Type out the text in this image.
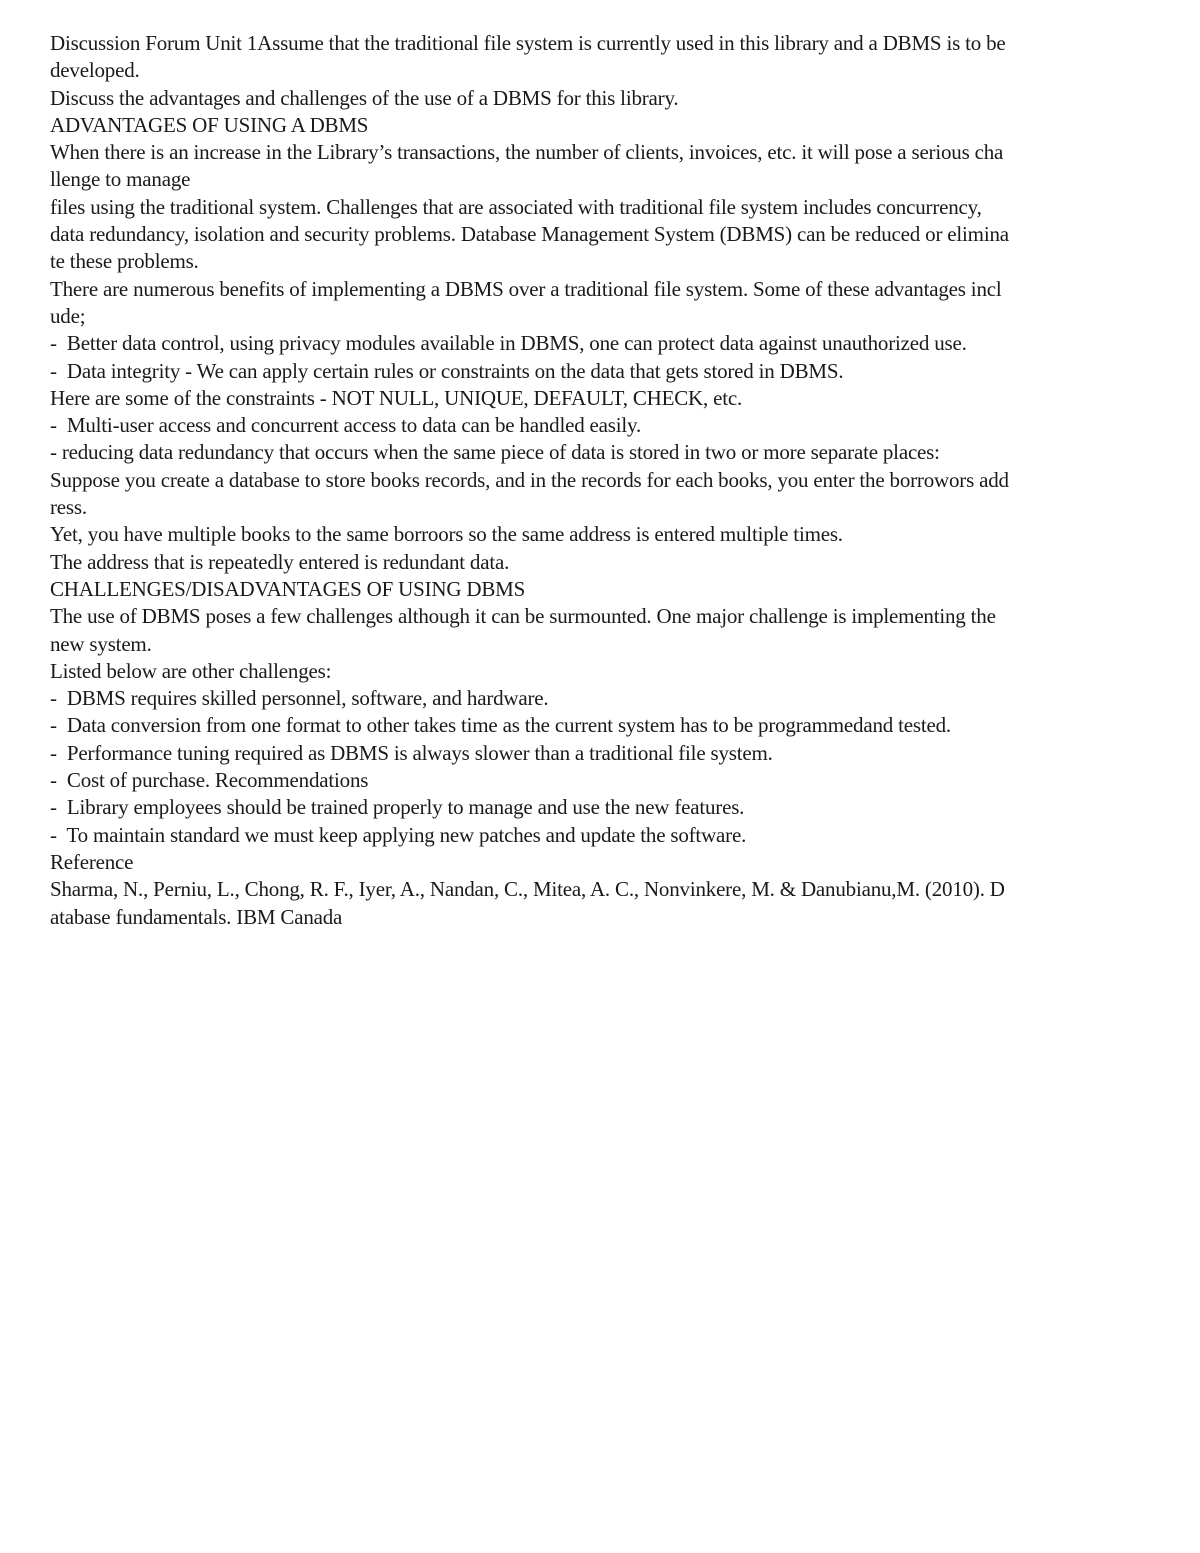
Discussion Forum Unit 1Assume that the traditional file system is currently used in this library and a DBMS is to be
developed.
Discuss the advantages and challenges of the use of a DBMS for this library.
ADVANTAGES OF USING A DBMS
When there is an increase in the Library’s transactions, the number of clients, invoices, etc. it will pose a serious cha
llenge to manage
files using the traditional system. Challenges that are associated with traditional file system includes concurrency,
data redundancy, isolation and security problems. Database Management System (DBMS) can be reduced or elimina
te these problems.
There are numerous benefits of implementing a DBMS over a traditional file system. Some of these advantages incl
ude;
-  Better data control, using privacy modules available in DBMS, one can protect data against unauthorized use.
-  Data integrity - We can apply certain rules or constraints on the data that gets stored in DBMS.
Here are some of the constraints - NOT NULL, UNIQUE, DEFAULT, CHECK, etc.
-  Multi-user access and concurrent access to data can be handled easily.
- reducing data redundancy that occurs when the same piece of data is stored in two or more separate places:
Suppose you create a database to store books records, and in the records for each books, you enter the borrowors add
ress.
Yet, you have multiple books to the same borroors so the same address is entered multiple times.
The address that is repeatedly entered is redundant data.
CHALLENGES/DISADVANTAGES OF USING DBMS
The use of DBMS poses a few challenges although it can be surmounted. One major challenge is implementing the
new system.
Listed below are other challenges:
-  DBMS requires skilled personnel, software, and hardware.
-  Data conversion from one format to other takes time as the current system has to be programmedand tested.
-  Performance tuning required as DBMS is always slower than a traditional file system.
-  Cost of purchase. Recommendations
-  Library employees should be trained properly to manage and use the new features.
-  To maintain standard we must keep applying new patches and update the software.
Reference
Sharma, N., Perniu, L., Chong, R. F., Iyer, A., Nandan, C., Mitea, A. C., Nonvinkere, M. & Danubianu,M. (2010). D
atabase fundamentals. IBM Canada
